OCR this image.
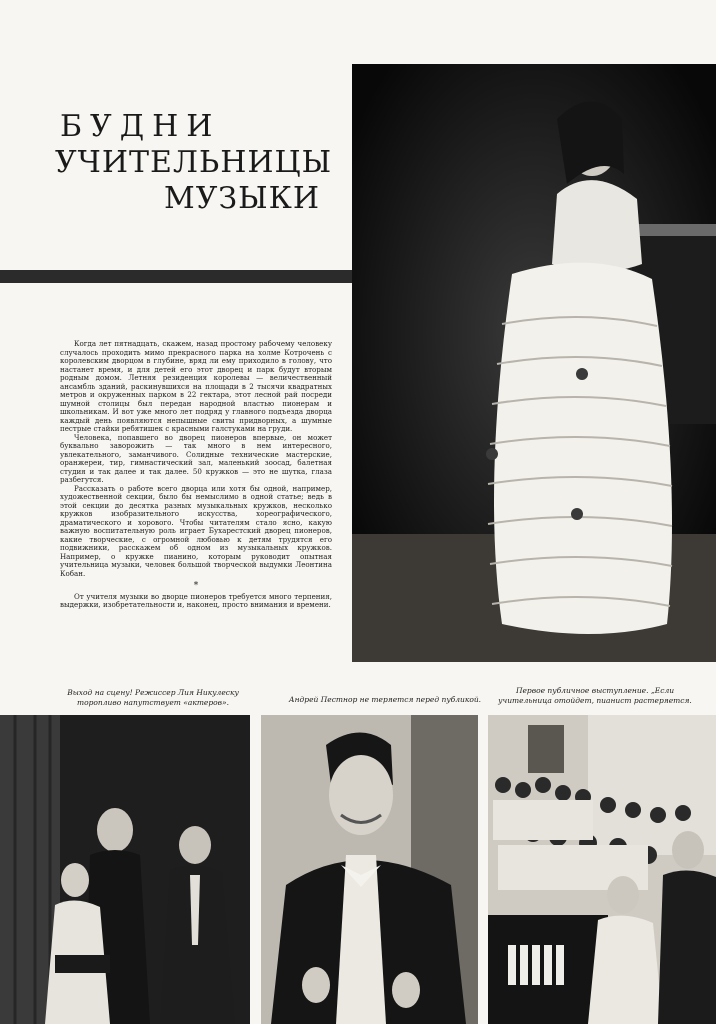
БУДНИ
УЧИТЕЛЬНИЦЫ
МУЗЫКИ

Когда лет пятнадцать, скажем, назад простому рабочему человеку случалось проходить мимо прекрасного парка на холме Котрочень с королевским дворцом в глубине, вряд ли ему приходило в голову, что настанет время, и для детей его этот дворец и парк будут вторым родным домом. Летняя резиденция королевы — величественный ансамбль зданий, раскинувшихся на площади в 2 тысячи квадратных метров и окруженных парком в 22 гектара, этот лесной рай посреди шумной столицы был передан народной властью пионерам и школьникам. И вот уже много лет подряд у главного подъезда дворца каждый день появляются непышные свиты придворных, а шумные пестрые стайки ребятишек с красными галстуками на груди.

Человека, попавшего во дворец пионеров впервые, он может буквально заворожить — так много в нем интересного, увлекательного, заманчивого. Солидные технические мастерские, оранжереи, тир, гимнастический зал, маленький зоосад, балетная студия и так далее и так далее. 50 кружков — это не шутка, глаза разбегутся.

Рассказать о работе всего дворца или хотя бы одной, например, художественной секции, было бы немыслимо в одной статье; ведь в этой секции до десятка разных музыкальных кружков, несколько кружков изобразительного искусства, хореографического, драматического и хорового. Чтобы читателям стало ясно, какую важную воспитательную роль играет Бухарестский дворец пионеров, какие творческие, с огромной любовью к детям трудятся его подвижники, расскажем об одном из музыкальных кружков. Например, о кружке пианино, которым руководит опытная учительница музыки, человек большой творческой выдумки Леонтина Кобан.

*

От учителя музыки во дворце пионеров требуется много терпения, выдержки, изобретательности и, наконец, просто внимания и времени.

Выход на сцену! Режиссер Лия Никулеску торопливо напутствует «актеров».	Андрей Пестнор не теряется перед публикой.
Первое публичное выступление. „Если учительница отойдет, пианист растеряется.
